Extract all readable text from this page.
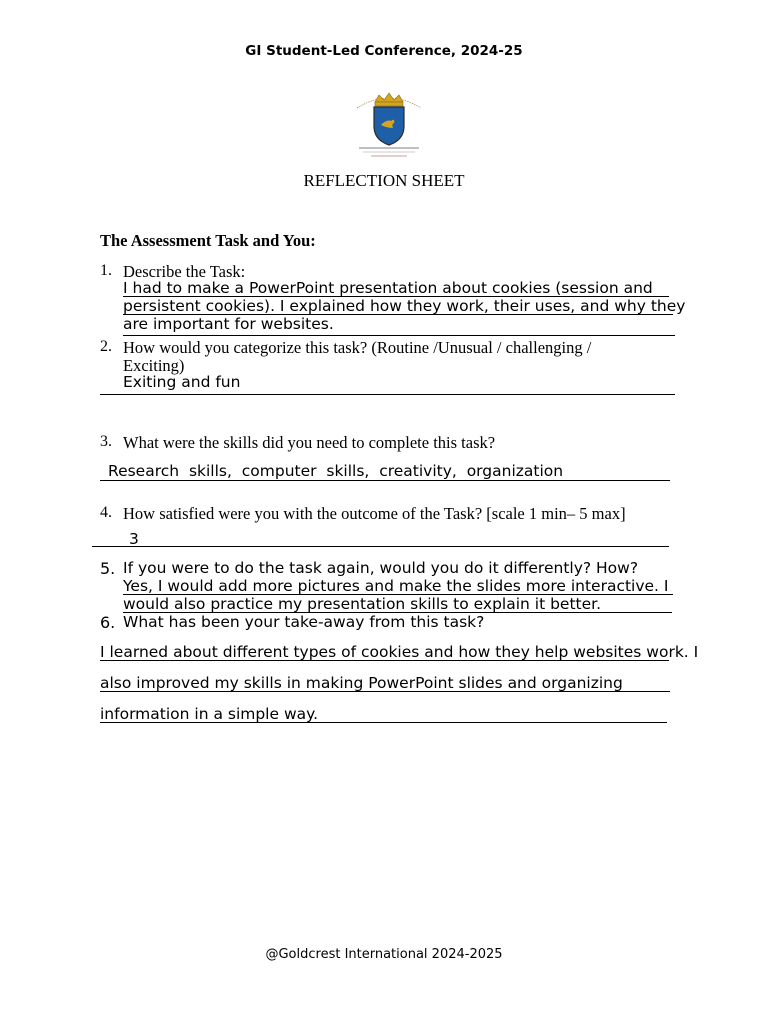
GI Student-Led Conference, 2024-25
REFLECTION SHEET
The Assessment Task and You:
1. Describe the Task:
I had to make a PowerPoint presentation about cookies (session and
persistent cookies). I explained how they work, their uses, and why they
are important for websites.
2. How would you categorize this task? (Routine /Unusual / challenging /
Exciting)
Exiting and fun
3. What were the skills did you need to complete this task?
Research  skills,  computer  skills,  creativity,  organization
4. How satisfied were you with the outcome of the Task? [scale 1 min– 5 max]
3
5. If you were to do the task again, would you do it differently? How?
Yes, I would add more pictures and make the slides more interactive. I
would also practice my presentation skills to explain it better.
6. What has been your take-away from this task?
I learned about different types of cookies and how they help websites work. I
also improved my skills in making PowerPoint slides and organizing
information in a simple way.
@Goldcrest International 2024-2025
